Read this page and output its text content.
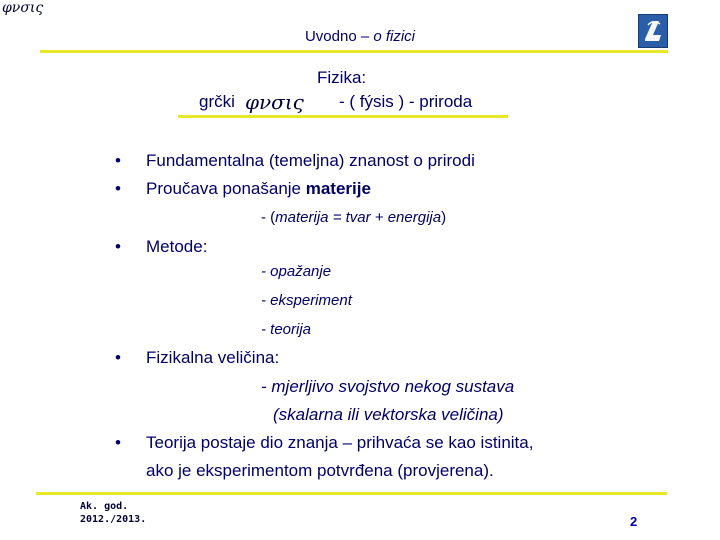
φνσις
Uvodno – o fizici
Fizika:
grčki φνσις - ( fýsis ) - priroda
• Fundamentalna (temeljna) znanost o prirodi
• Proučava ponašanje materije
- (materija = tvar + energija)
• Metode:
- opažanje
- eksperiment
- teorija
• Fizikalna veličina:
- mjerljivo svojstvo nekog sustava
(skalarna ili vektorska veličina)
• Teorija postaje dio znanja – prihvaća se kao istinita,
ako je eksperimentom potvrđena (provjerena).
Ak. god.
2012./2013.	2
